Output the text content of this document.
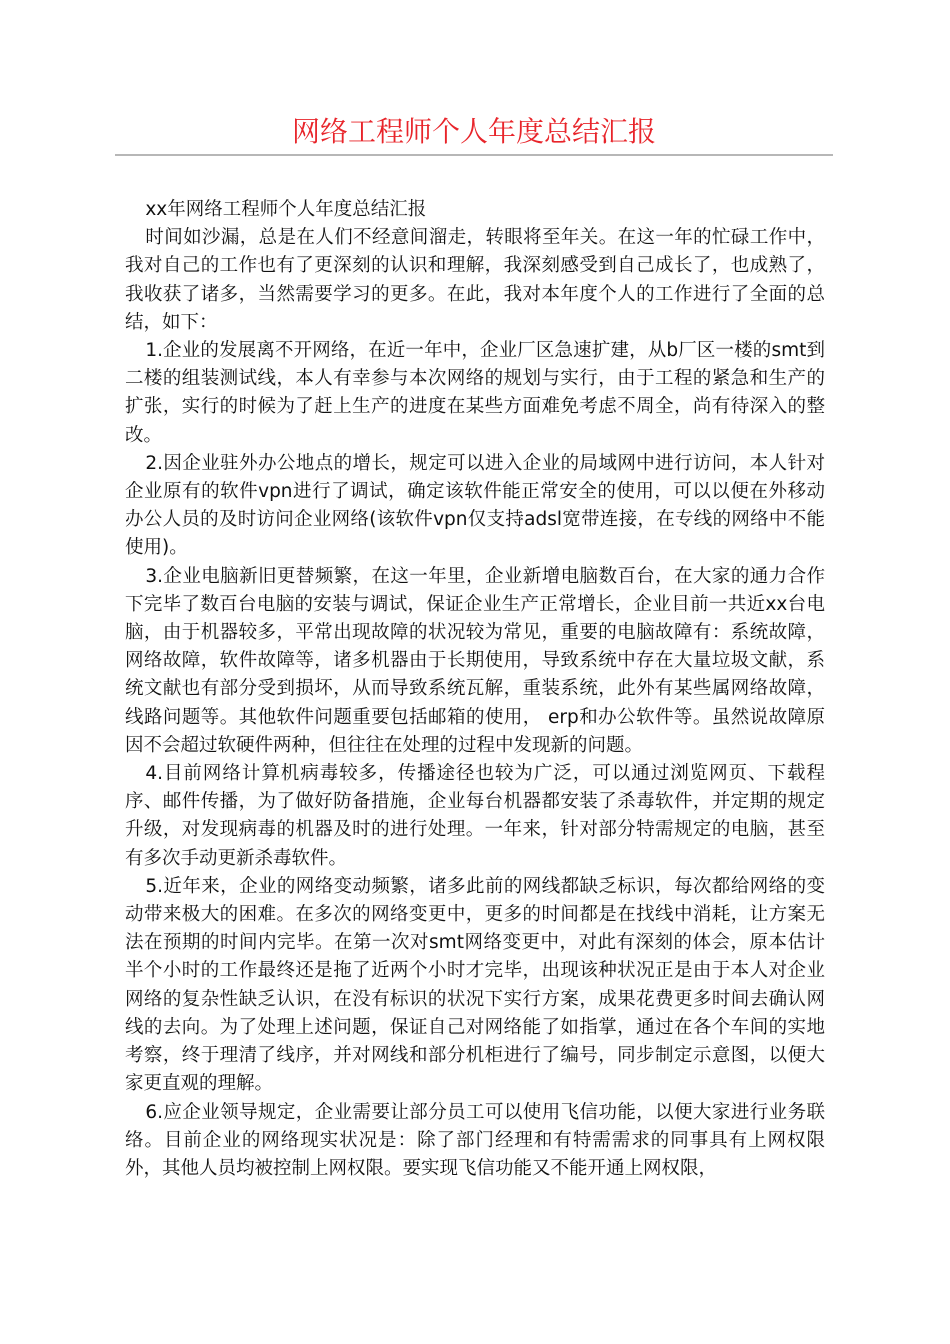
网络工程师个人年度总结汇报

xx年网络工程师个人年度总结汇报

时间如沙漏，总是在人们不经意间溜走，转眼将至年关。在这一年的忙碌工作中，我对自己的工作也有了更深刻的认识和理解，我深刻感受到自己成长了，也成熟了，我收获了诸多，当然需要学习的更多。在此，我对本年度个人的工作进行了全面的总结，如下：

1.企业的发展离不开网络，在近一年中，企业厂区急速扩建，从b厂区一楼的smt到二楼的组装测试线，本人有幸参与本次网络的规划与实行，由于工程的紧急和生产的扩张，实行的时候为了赶上生产的进度在某些方面难免考虑不周全，尚有待深入的整改。

2.因企业驻外办公地点的增长，规定可以进入企业的局域网中进行访问，本人针对企业原有的软件vpn进行了调试，确定该软件能正常安全的使用，可以以便在外移动办公人员的及时访问企业网络(该软件vpn仅支持adsl宽带连接，在专线的网络中不能使用)。

3.企业电脑新旧更替频繁，在这一年里，企业新增电脑数百台，在大家的通力合作下完毕了数百台电脑的安装与调试，保证企业生产正常增长，企业目前一共近xx台电脑，由于机器较多，平常出现故障的状况较为常见，重要的电脑故障有：系统故障，网络故障，软件故障等，诸多机器由于长期使用，导致系统中存在大量垃圾文献，系统文献也有部分受到损坏，从而导致系统瓦解，重装系统，此外有某些属网络故障，线路问题等。其他软件问题重要包括邮箱的使用， erp和办公软件等。虽然说故障原因不会超过软硬件两种，但往往在处理的过程中发现新的问题。

4.目前网络计算机病毒较多，传播途径也较为广泛，可以通过浏览网页、下载程序、邮件传播，为了做好防备措施，企业每台机器都安装了杀毒软件，并定期的规定升级，对发现病毒的机器及时的进行处理。一年来，针对部分特需规定的电脑，甚至有多次手动更新杀毒软件。

5.近年来，企业的网络变动频繁，诸多此前的网线都缺乏标识，每次都给网络的变动带来极大的困难。在多次的网络变更中，更多的时间都是在找线中消耗，让方案无法在预期的时间内完毕。在第一次对smt网络变更中，对此有深刻的体会，原本估计半个小时的工作最终还是拖了近两个小时才完毕，出现该种状况正是由于本人对企业网络的复杂性缺乏认识，在没有标识的状况下实行方案，成果花费更多时间去确认网线的去向。为了处理上述问题，保证自己对网络能了如指掌，通过在各个车间的实地考察，终于理清了线序，并对网线和部分机柜进行了编号，同步制定示意图，以便大家更直观的理解。

6.应企业领导规定，企业需要让部分员工可以使用飞信功能，以便大家进行业务联络。目前企业的网络现实状况是：除了部门经理和有特需需求的同事具有上网权限外，其他人员均被控制上网权限。要实现飞信功能又不能开通上网权限，
